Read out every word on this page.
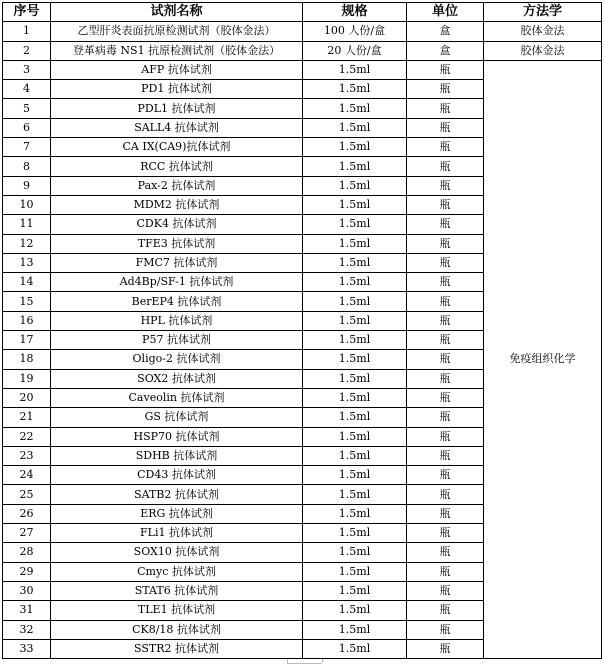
序号	试剂名称	规格	单位	方法学
1	乙型肝炎表面抗原检测试剂（胶体金法）	100 人份/盒	盒	胶体金法
2	登革病毒 NS1 抗原检测试剂（胶体金法）	20 人份/盒	盒	胶体金法
3	AFP 抗体试剂	1.5ml	瓶	免疫组织化学
4	PD1 抗体试剂	1.5ml	瓶	
5	PDL1 抗体试剂	1.5ml	瓶	
6	SALL4 抗体试剂	1.5ml	瓶	
7	CA IX(CA9)抗体试剂	1.5ml	瓶	
8	RCC 抗体试剂	1.5ml	瓶	
9	Pax-2 抗体试剂	1.5ml	瓶	
10	MDM2 抗体试剂	1.5ml	瓶	
11	CDK4 抗体试剂	1.5ml	瓶	
12	TFE3 抗体试剂	1.5ml	瓶	
13	FMC7 抗体试剂	1.5ml	瓶	
14	Ad4Bp/SF-1 抗体试剂	1.5ml	瓶	
15	BerEP4 抗体试剂	1.5ml	瓶	
16	HPL 抗体试剂	1.5ml	瓶	
17	P57 抗体试剂	1.5ml	瓶	
18	Oligo-2 抗体试剂	1.5ml	瓶	
19	SOX2 抗体试剂	1.5ml	瓶	
20	Caveolin 抗体试剂	1.5ml	瓶	
21	GS 抗体试剂	1.5ml	瓶	
22	HSP70 抗体试剂	1.5ml	瓶	
23	SDHB 抗体试剂	1.5ml	瓶	
24	CD43 抗体试剂	1.5ml	瓶	
25	SATB2 抗体试剂	1.5ml	瓶	
26	ERG 抗体试剂	1.5ml	瓶	
27	FLi1 抗体试剂	1.5ml	瓶	
28	SOX10 抗体试剂	1.5ml	瓶	
29	Cmyc 抗体试剂	1.5ml	瓶	
30	STAT6 抗体试剂	1.5ml	瓶	
31	TLE1 抗体试剂	1.5ml	瓶	
32	CK8/18 抗体试剂	1.5ml	瓶	
33	SSTR2 抗体试剂	1.5ml	瓶	
